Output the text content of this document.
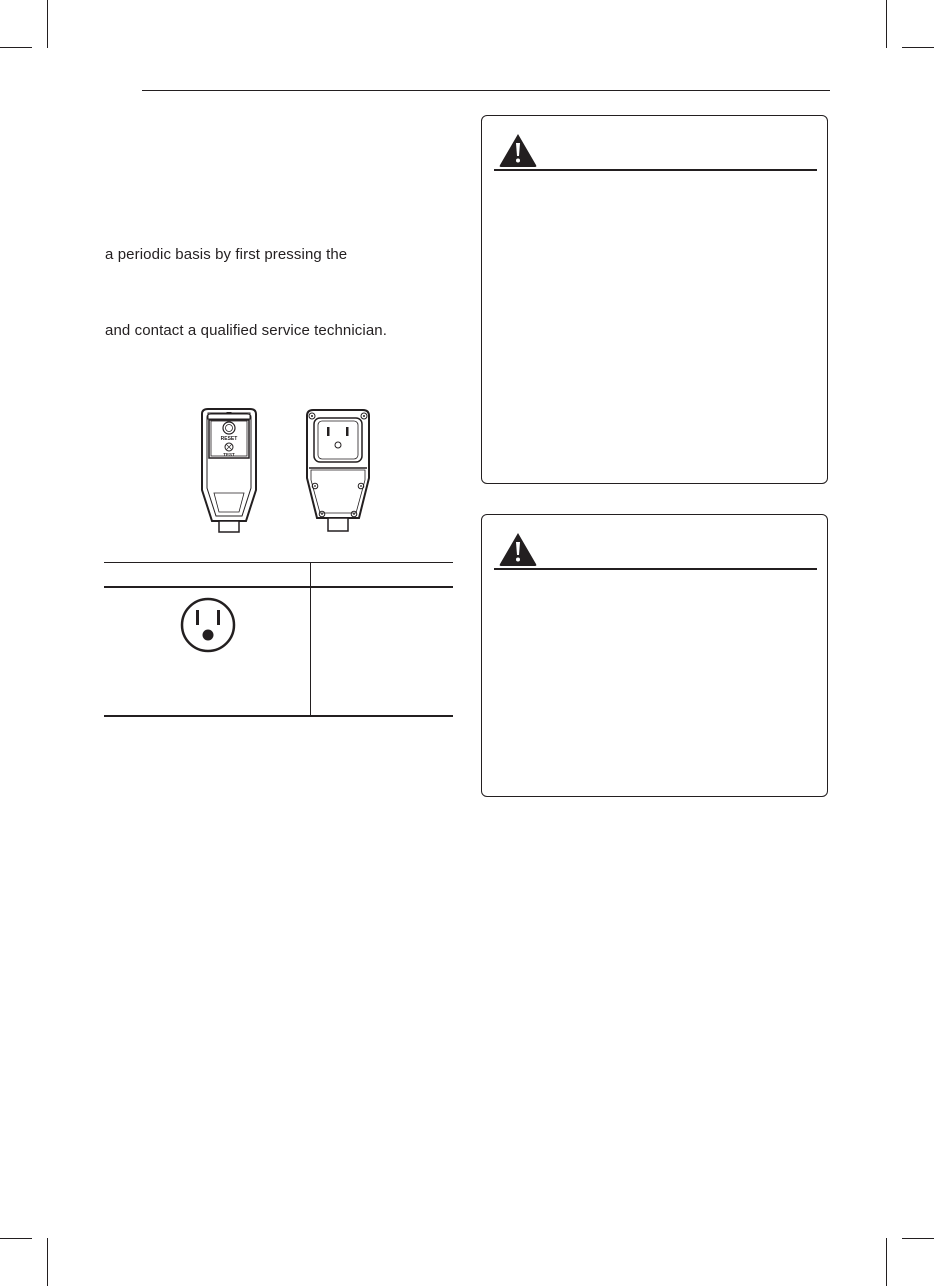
a periodic basis by first pressing the
and contact a qualified service technician.
RESET
TEST
